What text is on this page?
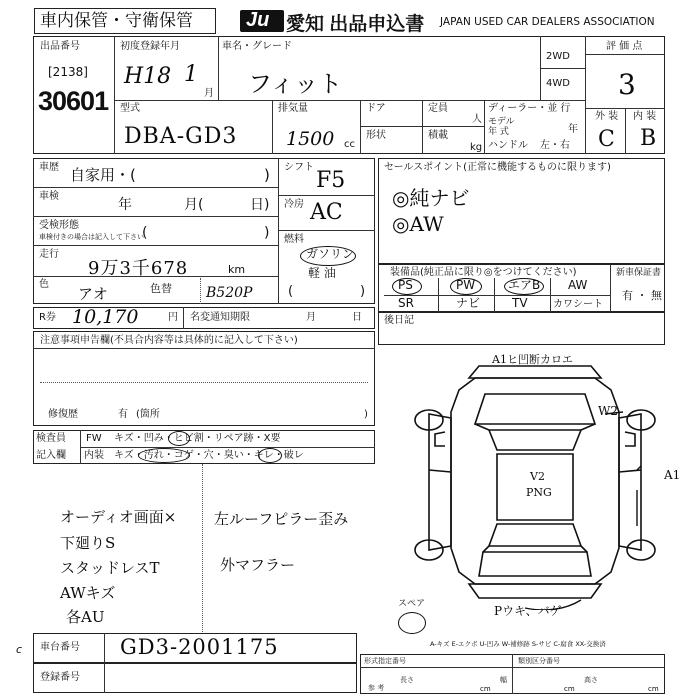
車内保管・守衛保管	Ju 愛知 出品申込書 JAPAN USED CAR DEALERS ASSOCIATION
出品番号
[2138]
30601
初度登録年月
H18 1
月
車名・グレード
フィット
2WD
4WD
評 価 点
3
外 装 内 装
C B
型式
DBA-GD3
排気量
1500 cc
ドア
形状
定員
人
積載
kg
ディーラー・並 行
モデル
年 式	年
ハンドル 左・右
車歴 自家用・(	)
車検
年	月(	日)
受検形態
車検付きの場合は記入して下さい
(	)
走行
9万3千678	km
色
アオ	色替 B520P
シフト
F5
冷房 AC
燃料
ガソリン
軽 油
(	)
セールスポイント(正常に機能するものに限ります)
◎純ナビ
◎AW
装備品(純正品に限り◎をつけてください)
PS	PW	エアB AW
SR	ナビ	TV	カワシート
新車保証書
有 ・ 無
R券 10,170	円 名変通知期限	月	日 後日記
注意事項申告欄(不具合内容等は具体的に記入して下さい)
修復歴	有 (箇所	)
検査員
記入欄
FW キズ・凹み・ヒビ割・リペア跡・X要
内装 キズ・汚れ・コゲ・穴・臭い・キレ・破レ
オーディオ画面×
下廻りS
スタッドレスT
AWキズ
各AU
左ルーフピラー歪み
外マフラー
A1ヒ凹断カロエ
W2
A1
V2
PNG
Pウキ、バゲ
スペア
A-キズ E-エクボ U-凹み W-補修跡 S-サビ C-腐食 XX-交換済
車台番号 GD3-2001175
登録番号
c
形式指定番号	類別区分番号
参 考
長さ
cm
幅
cm
高さ
cm
